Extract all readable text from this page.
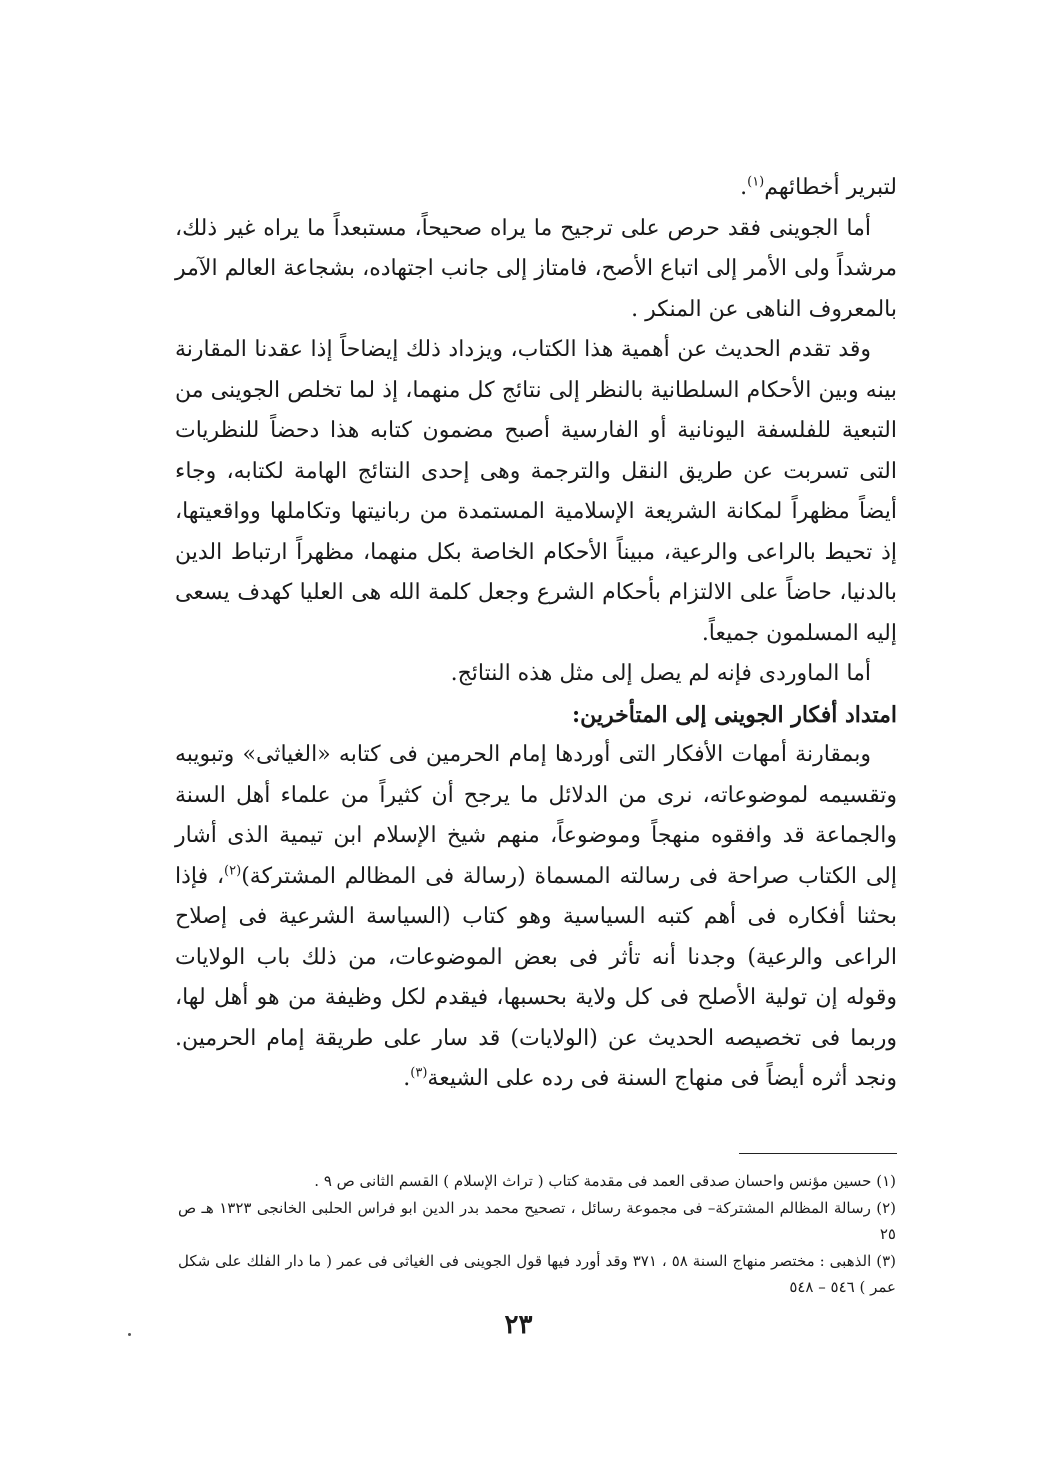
لتبرير أخطائهم$^{(١)}$.

أما الجوينى فقد حرص على ترجيح ما يراه صحيحاً، مستبعداً ما يراه غير ذلك، مرشداً ولى الأمر إلى اتباع الأصح، فامتاز إلى جانب اجتهاده، بشجاعة العالم الآمر بالمعروف الناهى عن المنكر .

وقد تقدم الحديث عن أهمية هذا الكتاب، ويزداد ذلك إيضاحاً إذا عقدنا المقارنة بينه وبين الأحكام السلطانية بالنظر إلى نتائج كل منهما، إذ لما تخلص الجوينى من التبعية للفلسفة اليونانية أو الفارسية أصبح مضمون كتابه هذا دحضاً للنظريات التى تسربت عن طريق النقل والترجمة وهى إحدى النتائج الهامة لكتابه، وجاء أيضاً مظهراً لمكانة الشريعة الإسلامية المستمدة من ربانيتها وتكاملها وواقعيتها، إذ تحيط بالراعى والرعية، مبيناً الأحكام الخاصة بكل منهما، مظهراً ارتباط الدين بالدنيا، حاضاً على الالتزام بأحكام الشرع وجعل كلمة الله هى العليا كهدف يسعى إليه المسلمون جميعاً.

أما الماوردى فإنه لم يصل إلى مثل هذه النتائج.

امتداد أفكار الجوينى إلى المتأخرين:

وبمقارنة أمهات الأفكار التى أوردها إمام الحرمين فى كتابه «الغياثى» وتبويبه وتقسيمه لموضوعاته، نرى من الدلائل ما يرجح أن كثيراً من علماء أهل السنة والجماعة قد وافقوه منهجاً وموضوعاً، منهم شيخ الإسلام ابن تيمية الذى أشار إلى الكتاب صراحة فى رسالته المسماة (رسالة فى المظالم المشتركة)$^{(٢)}$، فإذا بحثنا أفكاره فى أهم كتبه السياسية وهو كتاب (السياسة الشرعية فى إصلاح الراعى والرعية) وجدنا أنه تأثر فى بعض الموضوعات، من ذلك باب الولايات وقوله إن تولية الأصلح فى كل ولاية بحسبها، فيقدم لكل وظيفة من هو أهل لها، وربما فى تخصيصه الحديث عن (الولايات) قد سار على طريقة إمام الحرمين. ونجد أثره أيضاً فى منهاج السنة فى رده على الشيعة$^{(٣)}$.

(١) حسين مؤنس واحسان صدقى العمد فى مقدمة كتاب ( تراث الإسلام ) القسم الثانى ص ٩ .

(٢) رسالة المظالم المشتركة– فى مجموعة رسائل ، تصحيح محمد بدر الدين ابو فراس الحلبى الخانجى ١٣٢٣ هـ ص ٢٥

(٣) الذهبى : مختصر منهاج السنة ٥٨ ، ٣٧١ وقد أورد فيها قول الجوينى فى الغياثى فى عمر ( ما دار الفلك على شكل عمر ) ٥٤٦ – ٥٤٨

٢٣
